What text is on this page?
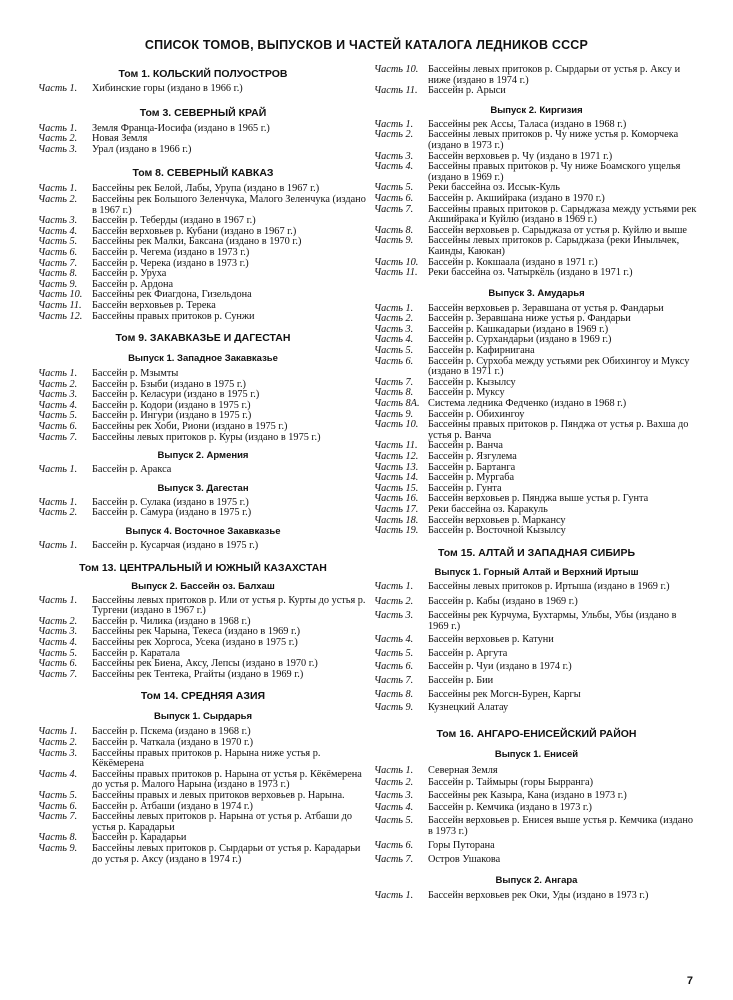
СПИСОК ТОМОВ, ВЫПУСКОВ И ЧАСТЕЙ КАТАЛОГА ЛЕДНИКОВ СССР
Том 1. КОЛЬСКИЙ ПОЛУОСТРОВ
Часть 1. Хибинские горы (издано в 1966 г.)
Том 3. СЕВЕРНЫЙ КРАЙ
Часть 1. Земля Франца-Иосифа (издано в 1965 г.)
Часть 2. Новая Земля
Часть 3. Урал (издано в 1966 г.)
Том 8. СЕВЕРНЫЙ КАВКАЗ
Часть 1. Бассейны рек Белой, Лабы, Урупа (издано в 1967 г.)
Часть 2. Бассейны рек Большого Зеленчука, Малого Зеленчука (издано в 1967 г.)
Часть 3. Бассейн р. Теберды (издано в 1967 г.)
Часть 4. Бассейн верховьев р. Кубани (издано в 1967 г.)
Часть 5. Бассейны рек Малки, Баксана (издано в 1970 г.)
Часть 6. Бассейн р. Чегема (издано в 1973 г.)
Часть 7. Бассейн р. Черека (издано в 1973 г.)
Часть 8. Бассейн р. Уруха
Часть 9. Бассейн р. Ардона
Часть 10. Бассейны рек Фиагдона, Гизельдона
Часть 11. Бассейн верховьев р. Терека
Часть 12. Бассейны правых притоков р. Сунжи
Том 9. ЗАКАВКАЗЬЕ И ДАГЕСТАН
Выпуск 1. Западное Закавказье
Часть 1. Бассейн р. Мзымты
Часть 2. Бассейн р. Бзыби (издано в 1975 г.)
Часть 3. Бассейн р. Келасури (издано в 1975 г.)
Часть 4. Бассейн р. Кодори (издано в 1975 г.)
Часть 5. Бассейн р. Ингури (издано в 1975 г.)
Часть 6. Бассейны рек Хоби, Риони (издано в 1975 г.)
Часть 7. Бассейны левых притоков р. Куры (издано в 1975 г.)
Выпуск 2. Армения
Часть 1. Бассейн р. Аракса
Выпуск 3. Дагестан
Часть 1. Бассейн р. Сулака (издано в 1975 г.)
Часть 2. Бассейн р. Самура (издано в 1975 г.)
Выпуск 4. Восточное Закавказье
Часть 1. Бассейн р. Кусарчая (издано в 1975 г.)
Том 13. ЦЕНТРАЛЬНЫЙ И ЮЖНЫЙ КАЗАХСТАН
Выпуск 2. Бассейн оз. Балхаш
Часть 1. Бассейны левых притоков р. Или от устья р. Курты до устья р. Тургени (издано в 1967 г.)
Часть 2. Бассейн р. Чилика (издано в 1968 г.)
Часть 3. Бассейны рек Чарына, Текеса (издано в 1969 г.)
Часть 4. Бассейны рек Хоргоса, Усека (издано в 1975 г.)
Часть 5. Бассейн р. Каратала
Часть 6. Бассейны рек Биена, Аксу, Лепсы (издано в 1970 г.)
Часть 7. Бассейны рек Тентека, Ргайты (издано в 1969 г.)
Том 14. СРЕДНЯЯ АЗИЯ
Выпуск 1. Сырдарья
Часть 1. Бассейн р. Пскема (издано в 1968 г.)
Часть 2. Бассейн р. Чаткала (издано в 1970 г.)
Часть 3. Бассейны правых притоков р. Нарына ниже устья р. Кёкёмерена
Часть 4. Бассейны правых притоков р. Нарына от устья р. Кёкёмерена до устья р. Малого Нарына (издано в 1973 г.)
Часть 5. Бассейны правых и левых притоков верховьев р. Нарына.
Часть 6. Бассейн р. Атбаши (издано в 1974 г.)
Часть 7. Бассейны левых притоков р. Нарына от устья р. Атбаши до устья р. Карадарьи
Часть 8. Бассейн р. Карадарьи
Часть 9. Бассейны левых притоков р. Сырдарьи от устья р. Карадарьи до устья р. Аксу (издано в 1974 г.)
Часть 10. Бассейны левых притоков р. Сырдарьи от устья р. Аксу и ниже (издано в 1974 г.)
Часть 11. Бассейн р. Арыси
Выпуск 2. Киргизия
Часть 1. Бассейны рек Ассы, Таласа (издано в 1968 г.)
Часть 2. Бассейны левых притоков р. Чу ниже устья р. Коморчека (издано в 1973 г.)
Часть 3. Бассейн верховьев р. Чу (издано в 1971 г.)
Часть 4. Бассейны правых притоков р. Чу ниже Боамского ущелья (издано в 1969 г.)
Часть 5. Реки бассейна оз. Иссык-Куль
Часть 6. Бассейн р. Акшийрака (издано в 1970 г.)
Часть 7. Бассейны правых притоков р. Сарыджаза между устьями рек Акшийрака и Куйлю (издано в 1969 г.)
Часть 8. Бассейн верховьев р. Сарыджаза от устья р. Куйлю и выше
Часть 9. Бассейны левых притоков р. Сарыджаза (реки Иныльчек, Каинды, Каюкан)
Часть 10. Бассейн р. Кокшаала (издано в 1971 г.)
Часть 11. Реки бассейна оз. Чатыркёль (издано в 1971 г.)
Выпуск 3. Амударья
Часть 1. Бассейн верховьев р. Зеравшана от устья р. Фандарьи
Часть 2. Бассейн р. Зеравшана ниже устья р. Фандарьи
Часть 3. Бассейн р. Кашкадарьи (издано в 1969 г.)
Часть 4. Бассейн р. Сурхандарьи (издано в 1969 г.)
Часть 5. Бассейн р. Кафирнигана
Часть 6. Бассейн р. Сурхоба между устьями рек Обихингоу и Муксу (издано в 1971 г.)
Часть 7. Бассейн р. Кызылсу
Часть 8. Бассейн р. Муксу
Часть 8А. Система ледника Федченко (издано в 1968 г.)
Часть 9. Бассейн р. Обихингоу
Часть 10. Бассейны правых притоков р. Пянджа от устья р. Вахша до устья р. Ванча
Часть 11. Бассейн р. Ванча
Часть 12. Бассейн р. Язгулема
Часть 13. Бассейн р. Бартанга
Часть 14. Бассейн р. Мургаба
Часть 15. Бассейн р. Гунта
Часть 16. Бассейн верховьев р. Пянджа выше устья р. Гунта
Часть 17. Реки бассейна оз. Каракуль
Часть 18. Бассейн верховьев р. Маркансу
Часть 19. Бассейн р. Восточной Кызылсу
Том 15. АЛТАЙ И ЗАПАДНАЯ СИБИРЬ
Выпуск 1. Горный Алтай и Верхний Иртыш
Часть 1. Бассейны левых притоков р. Иртыша (издано в 1969 г.)
Часть 2. Бассейн р. Кабы (издано в 1969 г.)
Часть 3. Бассейны рек Курчума, Бухтармы, Ульбы, Убы (издано в 1969 г.)
Часть 4. Бассейн верховьев р. Катуни
Часть 5. Бассейн р. Аргута
Часть 6. Бассейн р. Чуи (издано в 1974 г.)
Часть 7. Бассейн р. Бии
Часть 8. Бассейны рек Могсн-Бурен, Каргы
Часть 9. Кузнецкий Алатау
Том 16. АНГАРО-ЕНИСЕЙСКИЙ РАЙОН
Выпуск 1. Енисей
Часть 1. Северная Земля
Часть 2. Бассейн р. Таймыры (горы Бырранга)
Часть 3. Бассейны рек Казыра, Кана (издано в 1973 г.)
Часть 4. Бассейн р. Кемчика (издано в 1973 г.)
Часть 5. Бассейн верховьев р. Енисея выше устья р. Кемчика (издано в 1973 г.)
Часть 6. Горы Путорана
Часть 7. Остров Ушакова
Выпуск 2. Ангара
Часть 1. Бассейн верховьев рек Оки, Уды (издано в 1973 г.)
7
